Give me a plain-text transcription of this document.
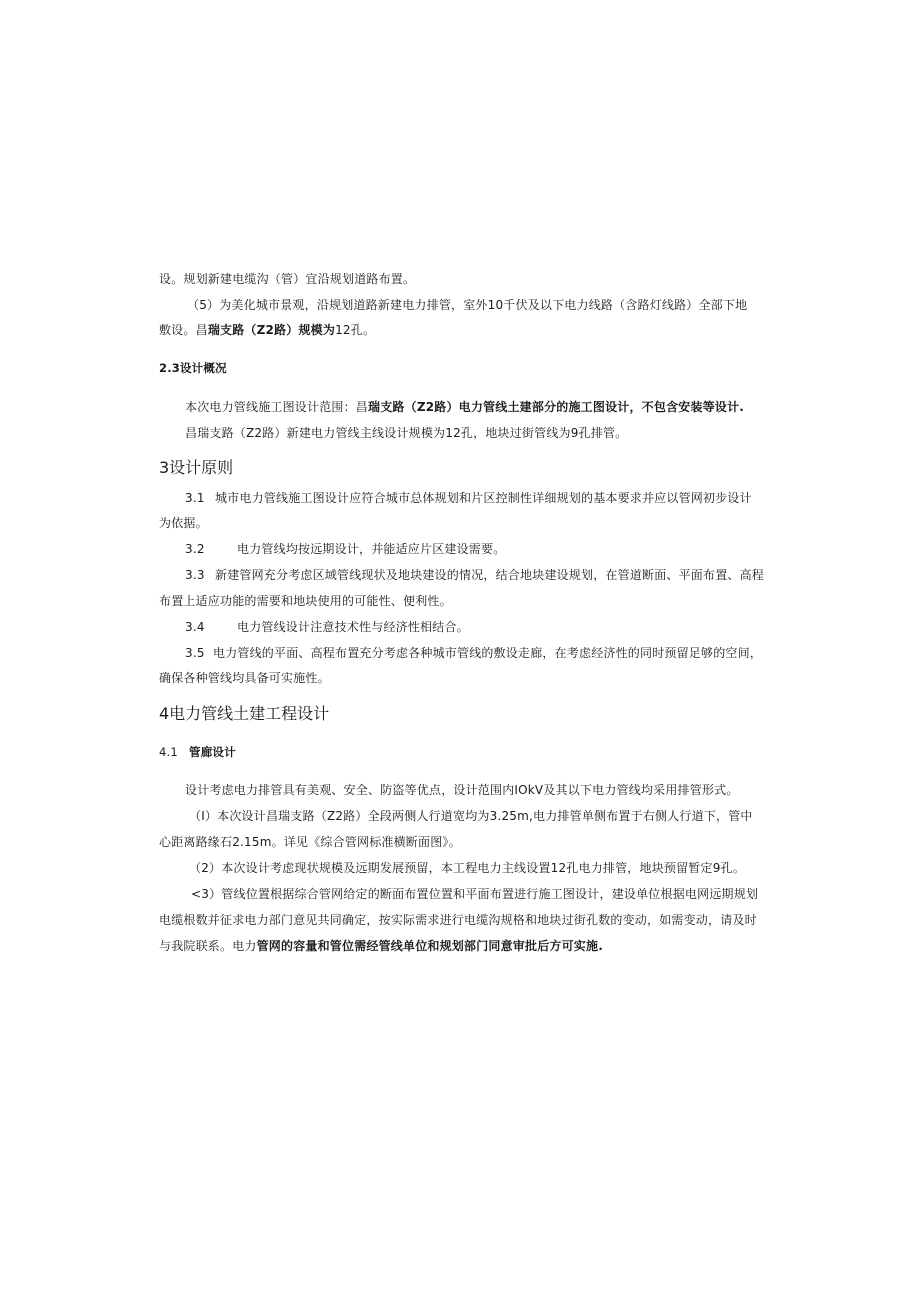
设。规划新建电缆沟（管）宜沿规划道路布置。
（5）为美化城市景观，沿规划道路新建电力排管，室外10千伏及以下电力线路（含路灯线路）全部下地
敷设。昌瑞支路（Z2路）规模为12孔。
2.3设计概况
本次电力管线施工图设计范围：昌瑞支路（Z2路）电力管线土建部分的施工图设计，不包含安装等设计.
昌瑞支路（Z2路）新建电力管线主线设计规模为12孔，地块过街管线为9孔排管。
3设计原则
3.1 城市电力管线施工图设计应符合城市总体规划和片区控制性详细规划的基本要求并应以管网初步设计
为依据。
3.2	电力管线均按远期设计，并能适应片区建设需要。
3.3 新建管网充分考虑区域管线现状及地块建设的情况，结合地块建设规划，在管道断面、平面布置、高程
布置上适应功能的需要和地块使用的可能性、便利性。
3.4	电力管线设计注意技术性与经济性相结合。
3.5 电力管线的平面、高程布置充分考虑各种城市管线的敷设走廊，在考虑经济性的同时预留足够的空间，
确保各种管线均具备可实施性。
4电力管线土建工程设计
4.1 管廊设计
设计考虑电力排管具有美观、安全、防盗等优点，设计范围内IOkV及其以下电力管线均采用排管形式。
（I）本次设计昌瑞支路（Z2路）全段两侧人行道宽均为3.25m,电力排管单侧布置于右侧人行道下，管中
心距离路缘石2.15m。详见《综合管网标准横断面图》。
（2）本次设计考虑现状规模及远期发展预留，本工程电力主线设置12孔电力排管，地块预留暂定9孔。
<3）管线位置根据综合管网给定的断面布置位置和平面布置进行施工图设计，建设单位根据电网远期规划
电缆根数并征求电力部门意见共同确定，按实际需求进行电缆沟规格和地块过街孔数的变动，如需变动，请及时
与我院联系。电力管网的容量和管位需经管线单位和规划部门同意审批后方可实施.
